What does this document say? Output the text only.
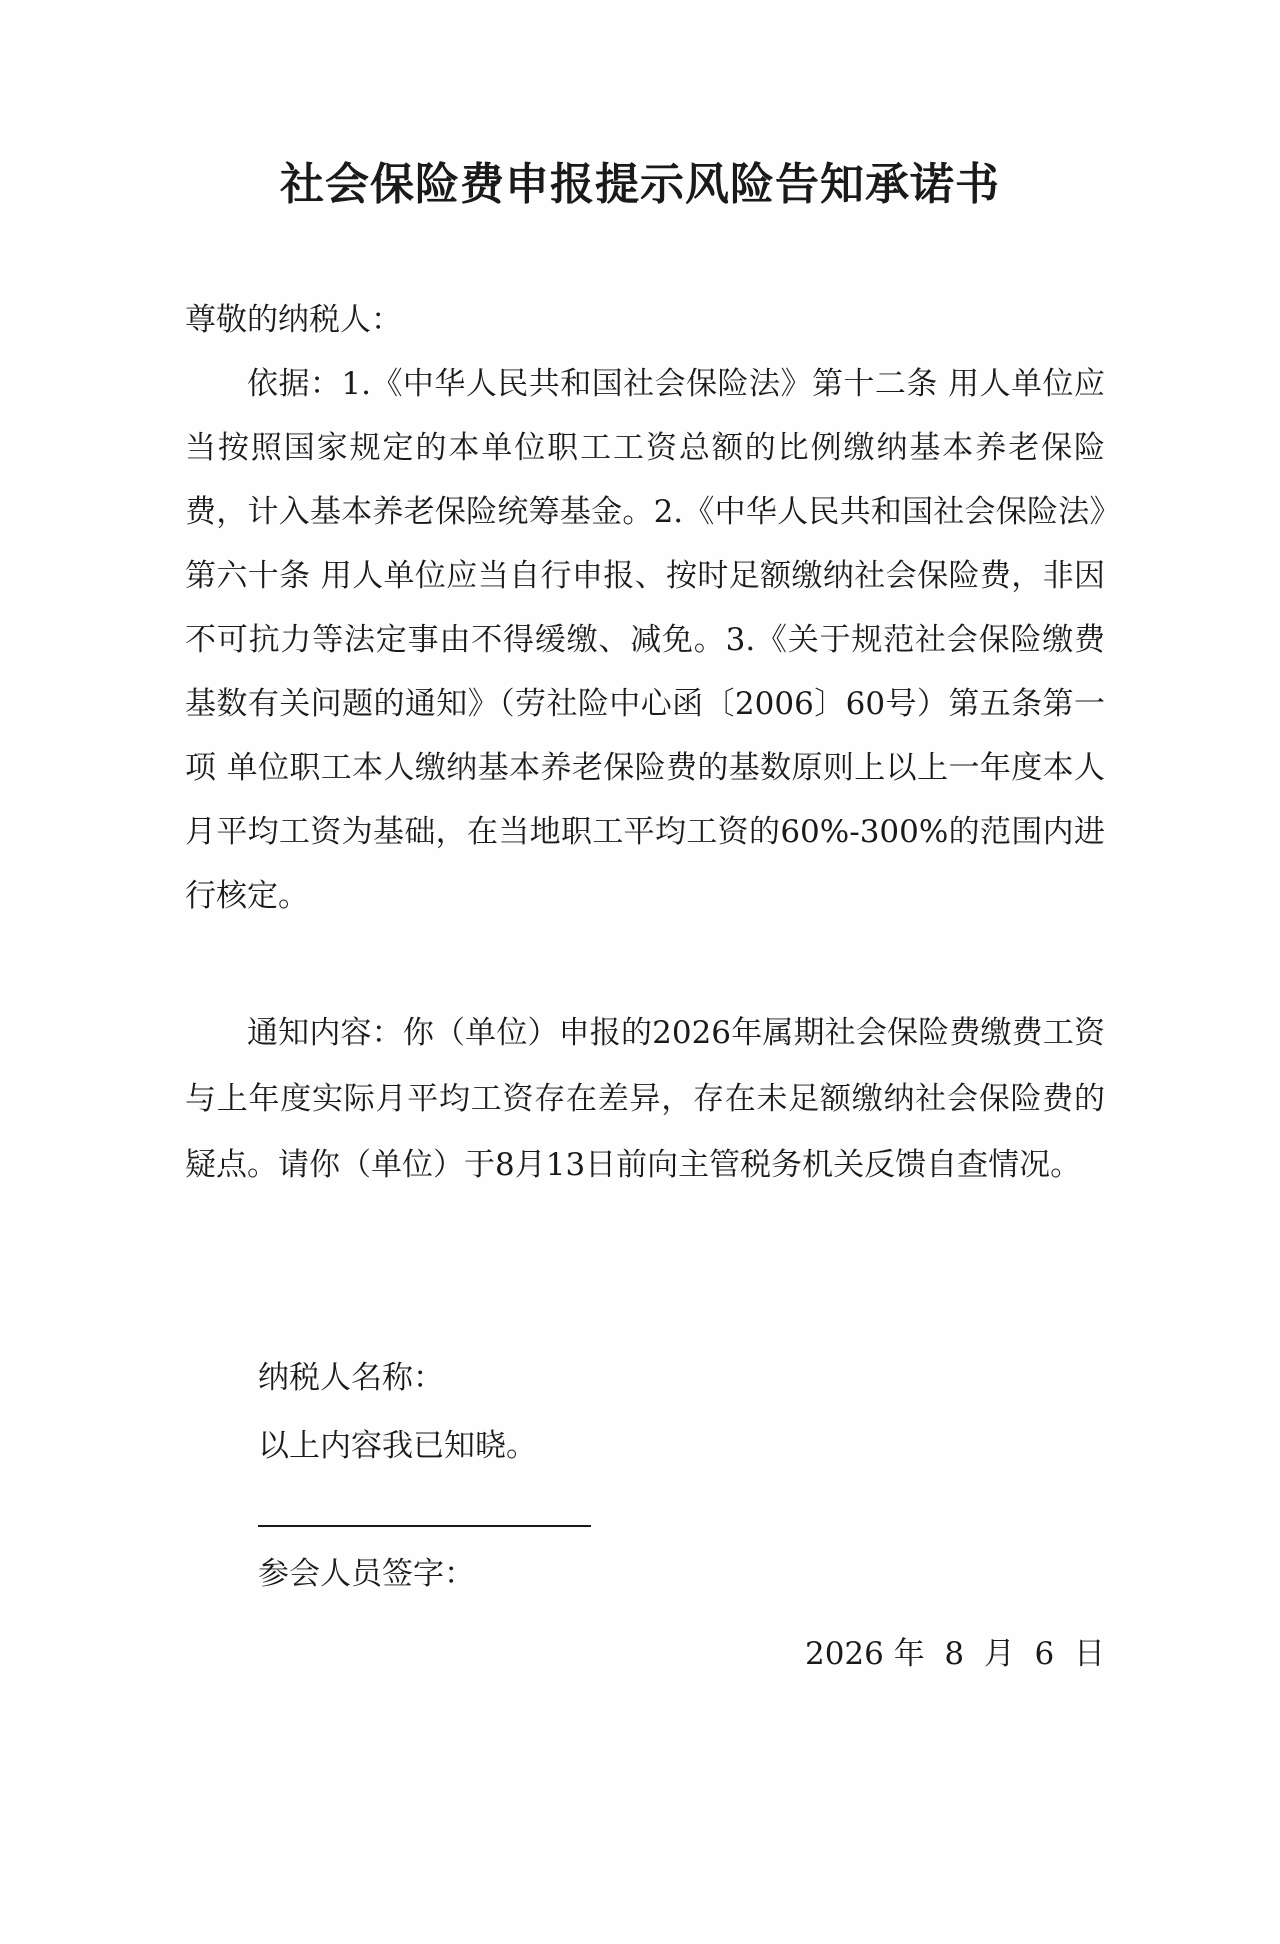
社会保险费申报提示风险告知承诺书

尊敬的纳税人：

依据：1.《中华人民共和国社会保险法》第十二条 用人单位应当按照国家规定的本单位职工工资总额的比例缴纳基本养老保险费，计入基本养老保险统筹基金。2.《中华人民共和国社会保险法》第六十条 用人单位应当自行申报、按时足额缴纳社会保险费，非因不可抗力等法定事由不得缓缴、减免。3.《关于规范社会保险缴费基数有关问题的通知》（劳社险中心函〔2006〕60号）第五条第一项 单位职工本人缴纳基本养老保险费的基数原则上以上一年度本人月平均工资为基础，在当地职工平均工资的60%-300%的范围内进行核定。

通知内容：你（单位）申报的2026年属期社会保险费缴费工资与上年度实际月平均工资存在差异，存在未足额缴纳社会保险费的疑点。请你（单位）于8月13日前向主管税务机关反馈自查情况。

纳税人名称：

以上内容我已知晓。

参会人员签字：

2026 年  8  月  6  日
